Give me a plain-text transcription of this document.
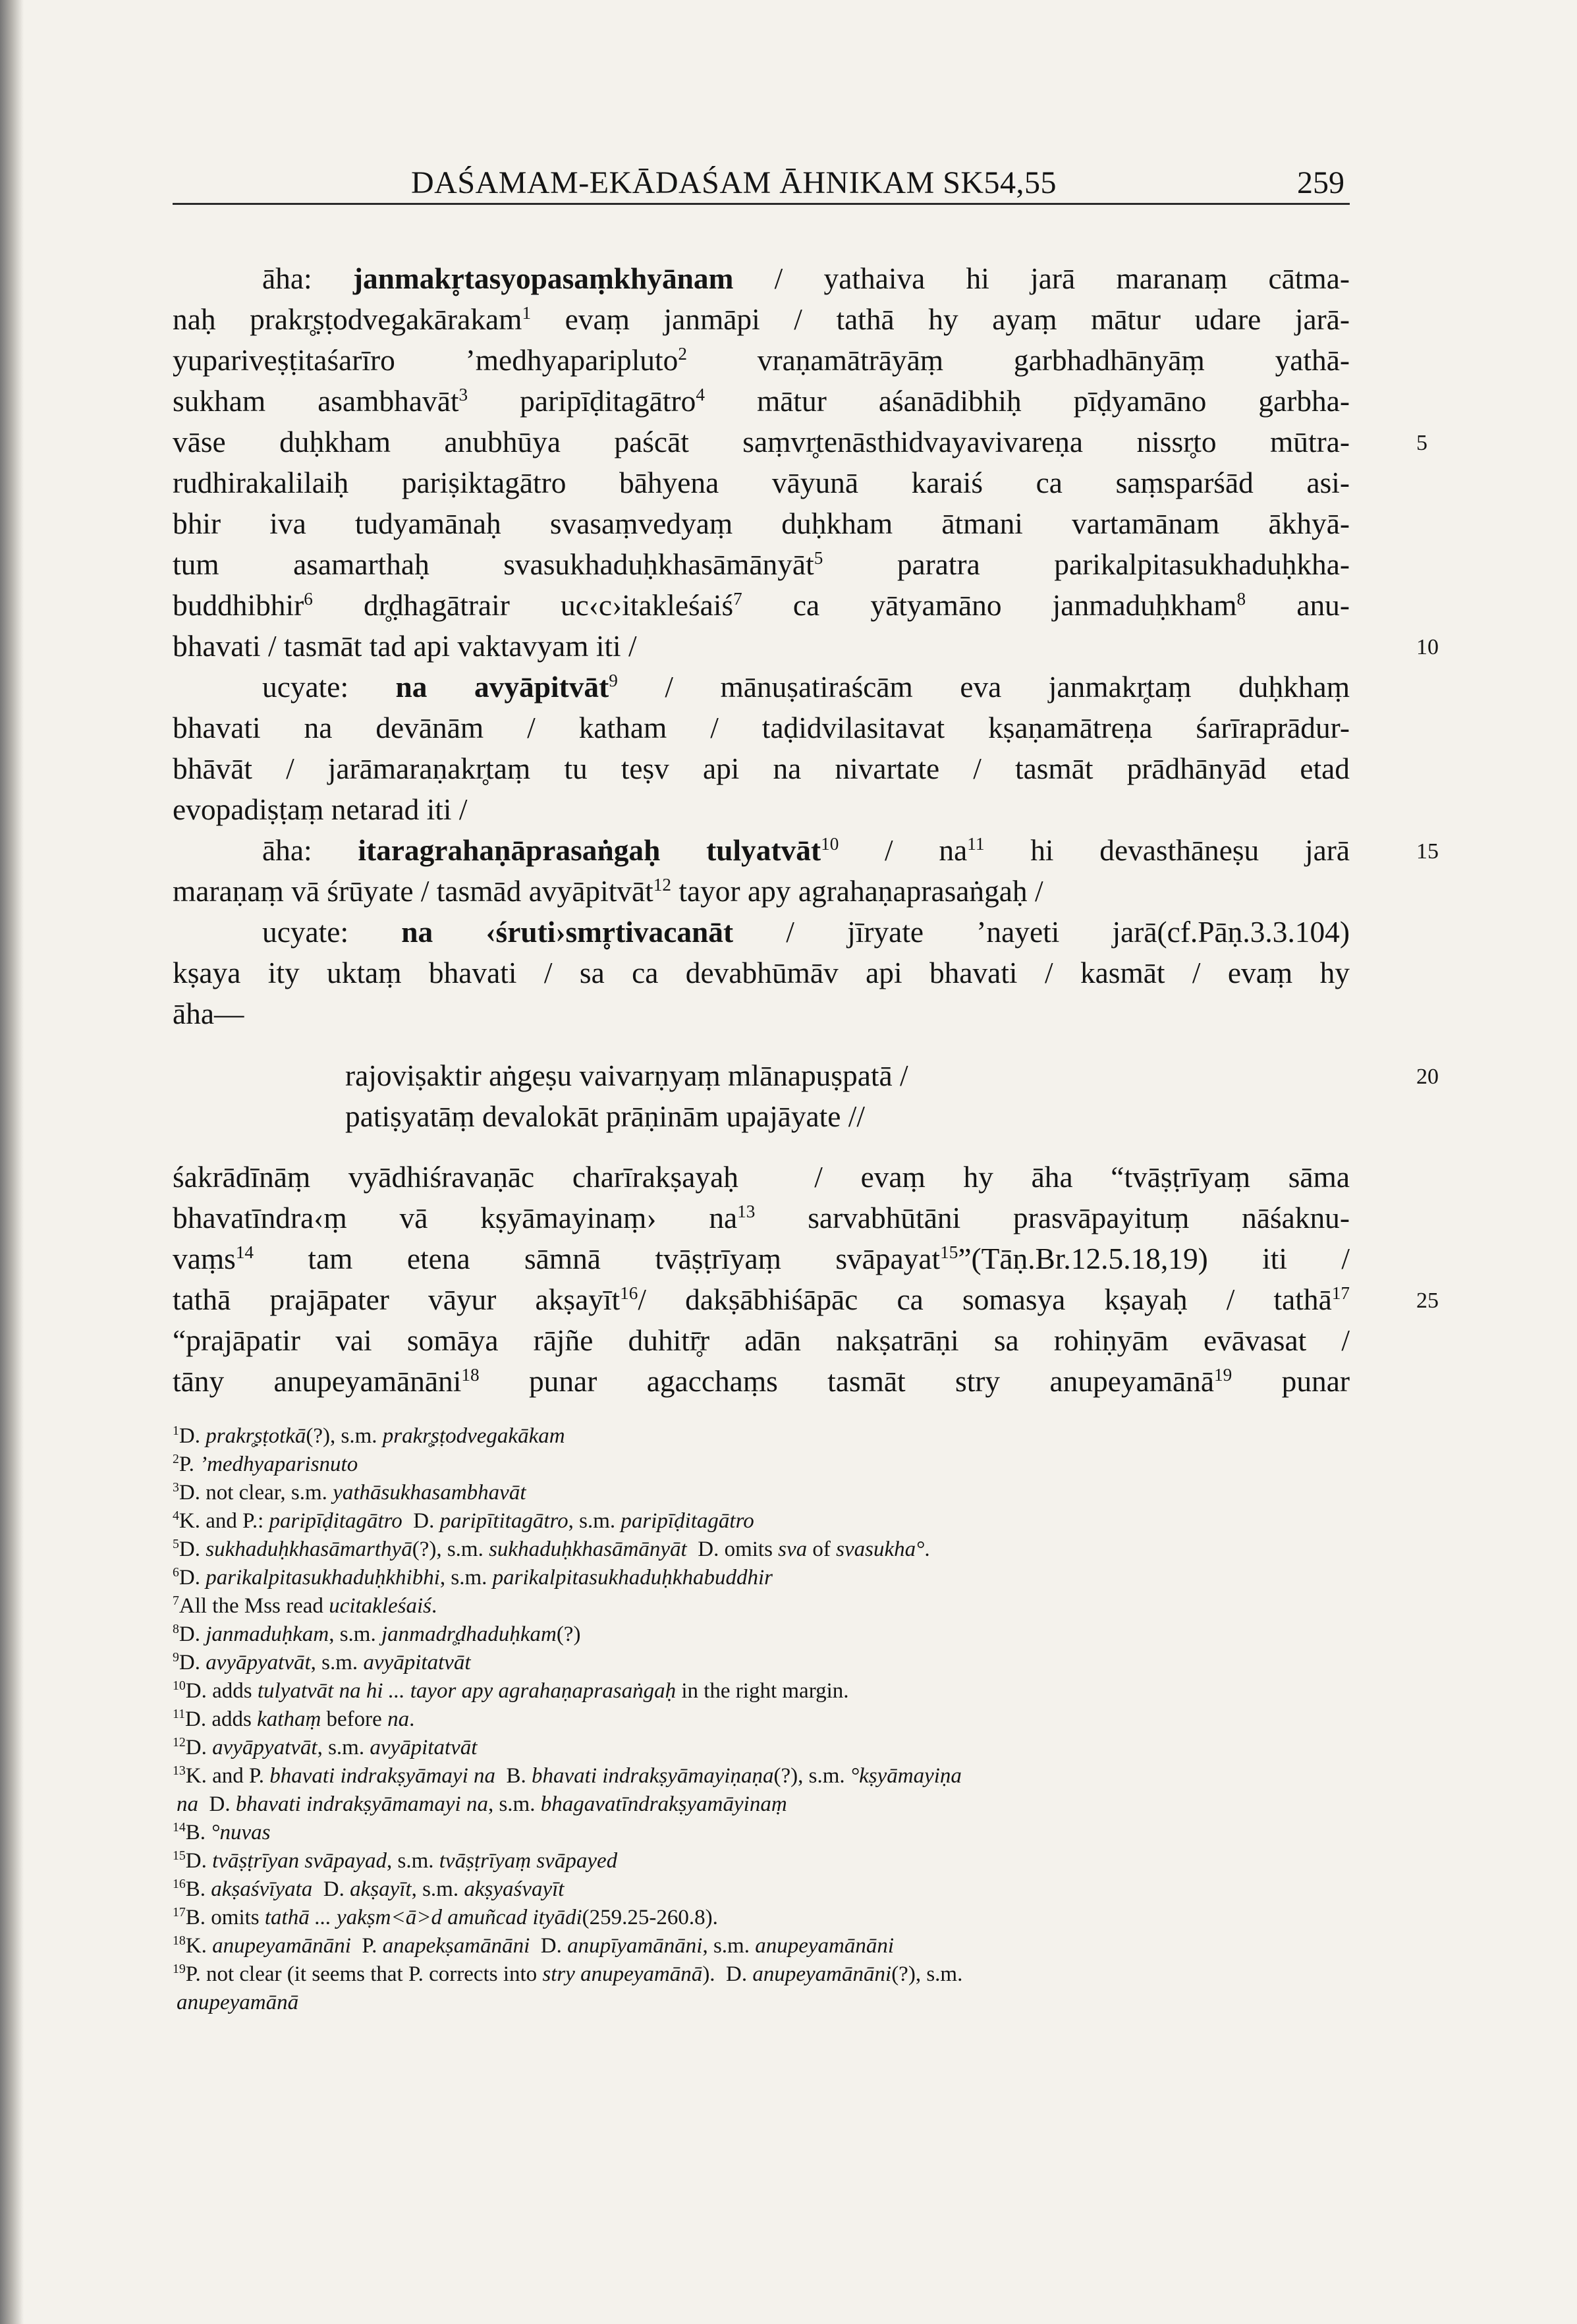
DAŚAMAM-EKĀDAŚAM ĀHNIKAM SK54,55	259
āha: janmakr̥tasyopasaṃkhyānam / yathaiva hi jarā maranaṃ cātma-
naḥ prakr̥ṣṭodvegakārakam$^1$ evaṃ janmāpi / tathā hy ayaṃ mātur udare jarā-
yupariveṣṭitaśarīro ’medhyaparipluto$^2$ vraṇamātrāyāṃ garbhadhānyāṃ yathā-
sukham asambhavāt$^3$ paripīḍitagātro$^4$ mātur aśanādibhiḥ pīḍyamāno garbha-
vāse duḥkham anubhūya paścāt saṃvr̥tenāsthidvayavivareṇa nissr̥to mūtra-
rudhirakalilaiḥ pariṣiktagātro bāhyena vāyunā karaiś ca saṃsparśād asi-
bhir iva tudyamānaḥ svasaṃvedyaṃ duḥkham ātmani vartamānam ākhyā-
tum asamarthaḥ svasukhaduḥkhasāmānyāt$^5$ paratra parikalpitasukhaduḥkha-
buddhibhir$^6$ dr̥ḍhagātrair uc‹c›itakleśaiś$^7$ ca yātyamāno janmaduḥkham$^8$ anu-
bhavati / tasmāt tad api vaktavyam iti /
ucyate: na avyāpitvāt$^9$ / mānuṣatiraścām eva janmakr̥taṃ duḥkhaṃ
bhavati na devānām / katham / taḍidvilasitavat kṣaṇamātreṇa śarīraprādur-
bhāvāt / jarāmaraṇakr̥taṃ tu teṣv api na nivartate / tasmāt prādhānyād etad
evopadiṣṭaṃ netarad iti /
āha: itaragrahaṇāprasaṅgaḥ tulyatvāt$^{10}$ / $na^{11}$ hi devasthāneṣu jarā
maraṇaṃ vā śrūyate / tasmād avyāpitvāt$^{12}$ tayor apy agrahaṇaprasaṅgaḥ /
ucyate: na ‹śruti›smr̥tivacanāt / jīryate ’nayeti jarā(cf.Pāṇ.3.3.104)
kṣaya ity uktaṃ bhavati / sa ca devabhūmāv api bhavati / kasmāt / evaṃ hy
āha—
rajoviṣaktir aṅgeṣu vaivarṇyaṃ mlānapuṣpatā /
patiṣyatāṃ devalokāt prāṇinām upajāyate //
śakrādīnāṃ vyādhiśravaṇāc charīrakṣayaḥ  / evaṃ hy āha “tvāṣṭrīyaṃ sāma
bhavatīndra‹ṃ vā kṣyāmayinaṃ› $na^{13}$ sarvabhūtāni prasvāpayituṃ nāśaknu-
vaṃs$^{14}$ tam etena sāmnā tvāṣṭrīyaṃ svāpayat$^{15}$”(Tāṇ.Br.12.5.18,19) iti /
tathā prajāpater vāyur akṣayīt$^{16}$/ dakṣābhiśāpāc ca somasya kṣayaḥ / tathā$^{17}$
“prajāpatir vai somāya rājñe duhitr̥̄r adān nakṣatrāṇi sa rohiṇyām evāvasat /
tāny anupeyamānāni$^{18}$ punar agacchaṃs tasmāt stry anupeyamānā$^{19}$ punar
5
10
15
20
25
$^1$D. prakr̥ṣṭotkā(?), s.m. prakr̥ṣṭodvegakākam
$^2$P. ’medhyaparisnuto
$^3$D. not clear, s.m. yathāsukhasambhavāt
$^4$K. and P.: paripīḍitagātro  D. paripītitagātro, s.m. paripīḍitagātro
$^5$D. sukhaduḥkhasāmarthyā(?), s.m. sukhaduḥkhasāmānyāt  D. omits sva of svasukha°.
$^6$D. parikalpitasukhaduḥkhibhi, s.m. parikalpitasukhaduḥkhabuddhir
$^7$All the Mss read ucitakleśaiś.
$^8$D. janmaduḥkam, s.m. janmadr̥ḍhaduḥkam(?)
$^9$D. avyāpyatvāt, s.m. avyāpitatvāt
$^{10}$D. adds tulyatvāt na hi ... tayor apy agrahaṇaprasaṅgaḥ in the right margin.
$^{11}$D. adds kathaṃ before na.
$^{12}$D. avyāpyatvāt, s.m. avyāpitatvāt
$^{13}$K. and P. bhavati indrakṣyāmayi na  B. bhavati indrakṣyāmayiṇaṇa(?), s.m. °kṣyāmayiṇa
na  D. bhavati indrakṣyāmamayi na, s.m. bhagavatīndrakṣyamāyinaṃ
$^{14}$B. °nuvas
$^{15}$D. tvāṣṭrīyan svāpayad, s.m. tvāṣṭrīyaṃ svāpayed
$^{16}$B. akṣaśvīyata  D. akṣayīt, s.m. akṣyaśvayīt
$^{17}$B. omits tathā ... yakṣm<ā>d amuñcad ityādi(259.25-260.8).
$^{18}$K. anupeyamānāni  P. anapekṣamānāni  D. anupīyamānāni, s.m. anupeyamānāni
$^{19}$P. not clear (it seems that P. corrects into stry anupeyamānā).  D. anupeyamānāni(?), s.m.
anupeyamānā
